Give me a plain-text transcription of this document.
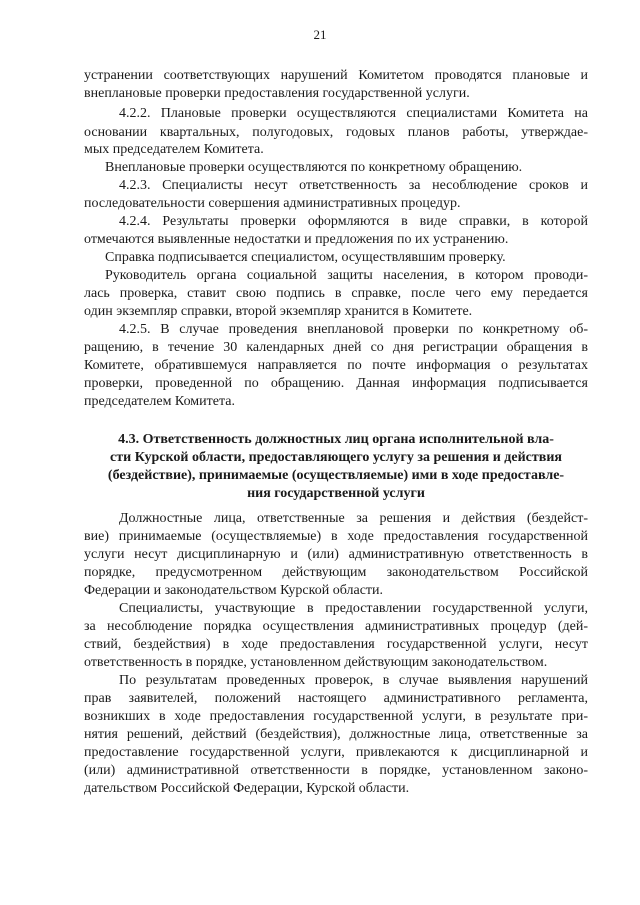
21
устранении соответствующих нарушений Комитетом проводятся плановые и
внеплановые проверки предоставления государственной услуги.
4.2.2. Плановые проверки осуществляются специалистами Комитета на
основании квартальных, полугодовых, годовых планов работы, утверждае-
мых председателем Комитета.
Внеплановые проверки осуществляются по конкретному обращению.
4.2.3. Специалисты несут ответственность за несоблюдение сроков и
последовательности совершения административных процедур.
4.2.4. Результаты проверки оформляются в виде справки, в которой
отмечаются выявленные недостатки и предложения по их устранению.
Справка подписывается специалистом, осуществлявшим проверку.
Руководитель органа социальной защиты населения, в котором проводи-
лась проверка, ставит свою подпись в справке, после чего ему передается
один экземпляр справки, второй экземпляр хранится в Комитете.
4.2.5. В случае проведения внеплановой проверки по конкретному об-
ращению, в течение 30 календарных дней со дня регистрации обращения в
Комитете, обратившемуся направляется по почте информация о результатах
проверки, проведенной по обращению. Данная информация подписывается
председателем Комитета.
4.3. Ответственность должностных лиц органа исполнительной вла-
сти Курской области, предоставляющего услугу за решения и действия
(бездействие), принимаемые (осуществляемые) ими в ходе предоставле-
ния государственной услуги
Должностные лица, ответственные за решения и действия (бездейст-
вие) принимаемые (осуществляемые) в ходе предоставления государственной
услуги несут дисциплинарную и (или) административную ответственность в
порядке, предусмотренном действующим законодательством Российской
Федерации и законодательством Курской области.
Специалисты, участвующие в предоставлении государственной услуги,
за несоблюдение порядка осуществления административных процедур (дей-
ствий, бездействия) в ходе предоставления государственной услуги, несут
ответственность в порядке, установленном действующим законодательством.
По результатам проведенных проверок, в случае выявления нарушений
прав заявителей, положений настоящего административного регламента,
возникших в ходе предоставления государственной услуги, в результате при-
нятия решений, действий (бездействия), должностные лица, ответственные за
предоставление государственной услуги, привлекаются к дисциплинарной и
(или) административной ответственности в порядке, установленном законо-
дательством Российской Федерации, Курской области.
